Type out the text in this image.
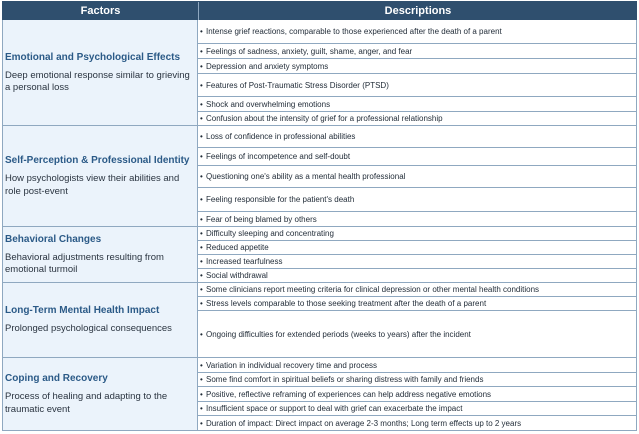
Factors	Descriptions
Emotional and Psychological Effects
Deep emotional response similar to grieving a personal loss
• Intense grief reactions, comparable to those experienced after the death of a parent
• Feelings of sadness, anxiety, guilt, shame, anger, and fear
• Depression and anxiety symptoms
• Features of Post-Traumatic Stress Disorder (PTSD)
• Shock and overwhelming emotions
• Confusion about the intensity of grief for a professional relationship
Self-Perception & Professional Identity
How psychologists view their abilities and role post-event
• Loss of confidence in professional abilities
• Feelings of incompetence and self-doubt
• Questioning one's ability as a mental health professional
• Feeling responsible for the patient's death
• Fear of being blamed by others
Behavioral Changes
Behavioral adjustments resulting from emotional turmoil
• Difficulty sleeping and concentrating
• Reduced appetite
• Increased tearfulness
• Social withdrawal
Long-Term Mental Health Impact
Prolonged psychological consequences
• Some clinicians report meeting criteria for clinical depression or other mental health conditions
• Stress levels comparable to those seeking treatment after the death of a parent
• Ongoing difficulties for extended periods (weeks to years) after the incident
Coping and Recovery
Process of healing and adapting to the traumatic event
• Variation in individual recovery time and process
• Some find comfort in spiritual beliefs or sharing distress with family and friends
• Positive, reflective reframing of experiences can help address negative emotions
• Insufficient space or support to deal with grief can exacerbate the impact
• Duration of impact: Direct impact on average 2-3 months; Long term effects up to 2 years
